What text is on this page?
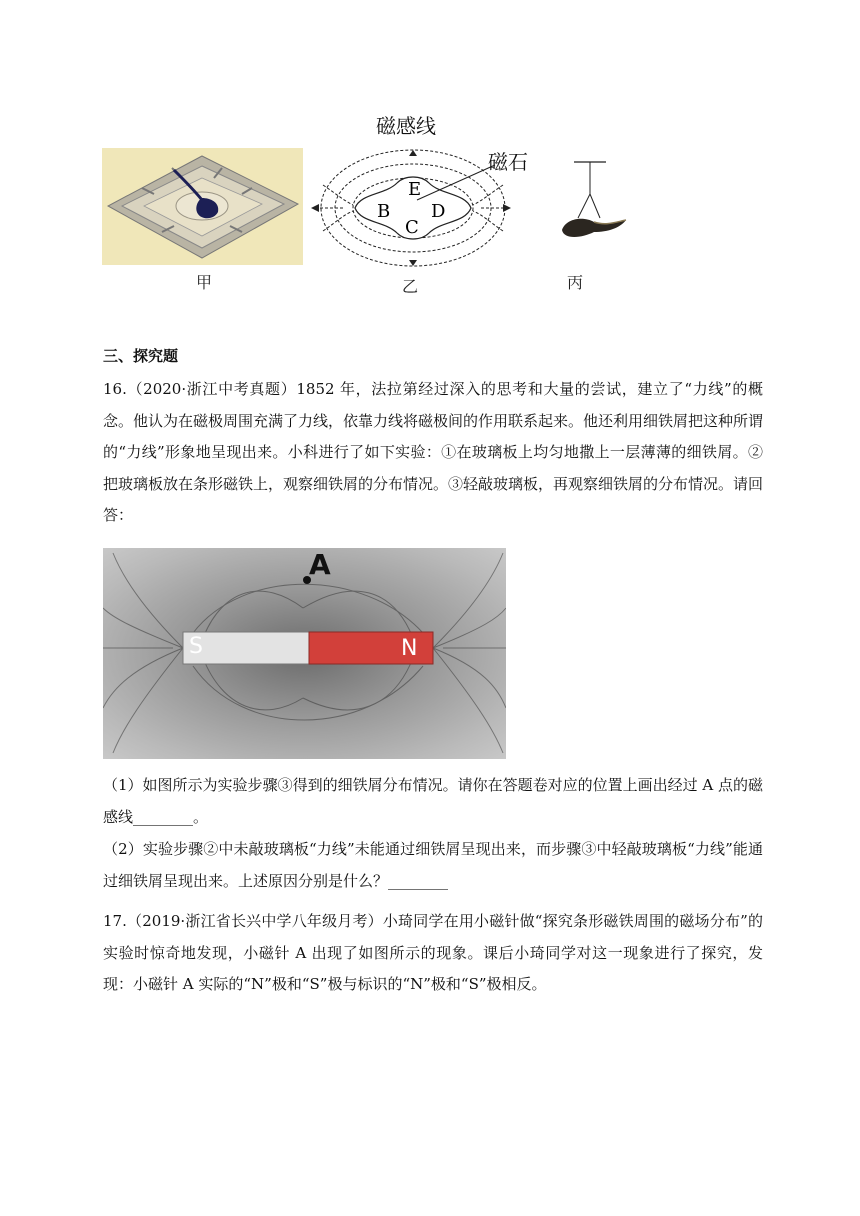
甲
E
B
C
D
磁感线
磁石
乙	丙
三、探究题
16.（2020·浙江中考真题）1852 年，法拉第经过深入的思考和大量的尝试，建立了“力线”的概念。他认为在磁极周围充满了力线，依靠力线将磁极间的作用联系起来。他还利用细铁屑把这种所谓的“力线”形象地呈现出来。小科进行了如下实验：①在玻璃板上均匀地撒上一层薄薄的细铁屑。②把玻璃板放在条形磁铁上，观察细铁屑的分布情况。③轻敲玻璃板，再观察细铁屑的分布情况。请回答：
A
S	N
（1）如图所示为实验步骤③得到的细铁屑分布情况。请你在答题卷对应的位置上画出经过 A 点的磁感线________。
（2）实验步骤②中未敲玻璃板“力线”未能通过细铁屑呈现出来，而步骤③中轻敲玻璃板“力线”能通过细铁屑呈现出来。上述原因分别是什么？________
17.（2019·浙江省长兴中学八年级月考）小琦同学在用小磁针做“探究条形磁铁周围的磁场分布”的实验时惊奇地发现，小磁针 A 出现了如图所示的现象。课后小琦同学对这一现象进行了探究，发现：小磁针 A 实际的“N”极和“S”极与标识的“N”极和“S”极相反。
